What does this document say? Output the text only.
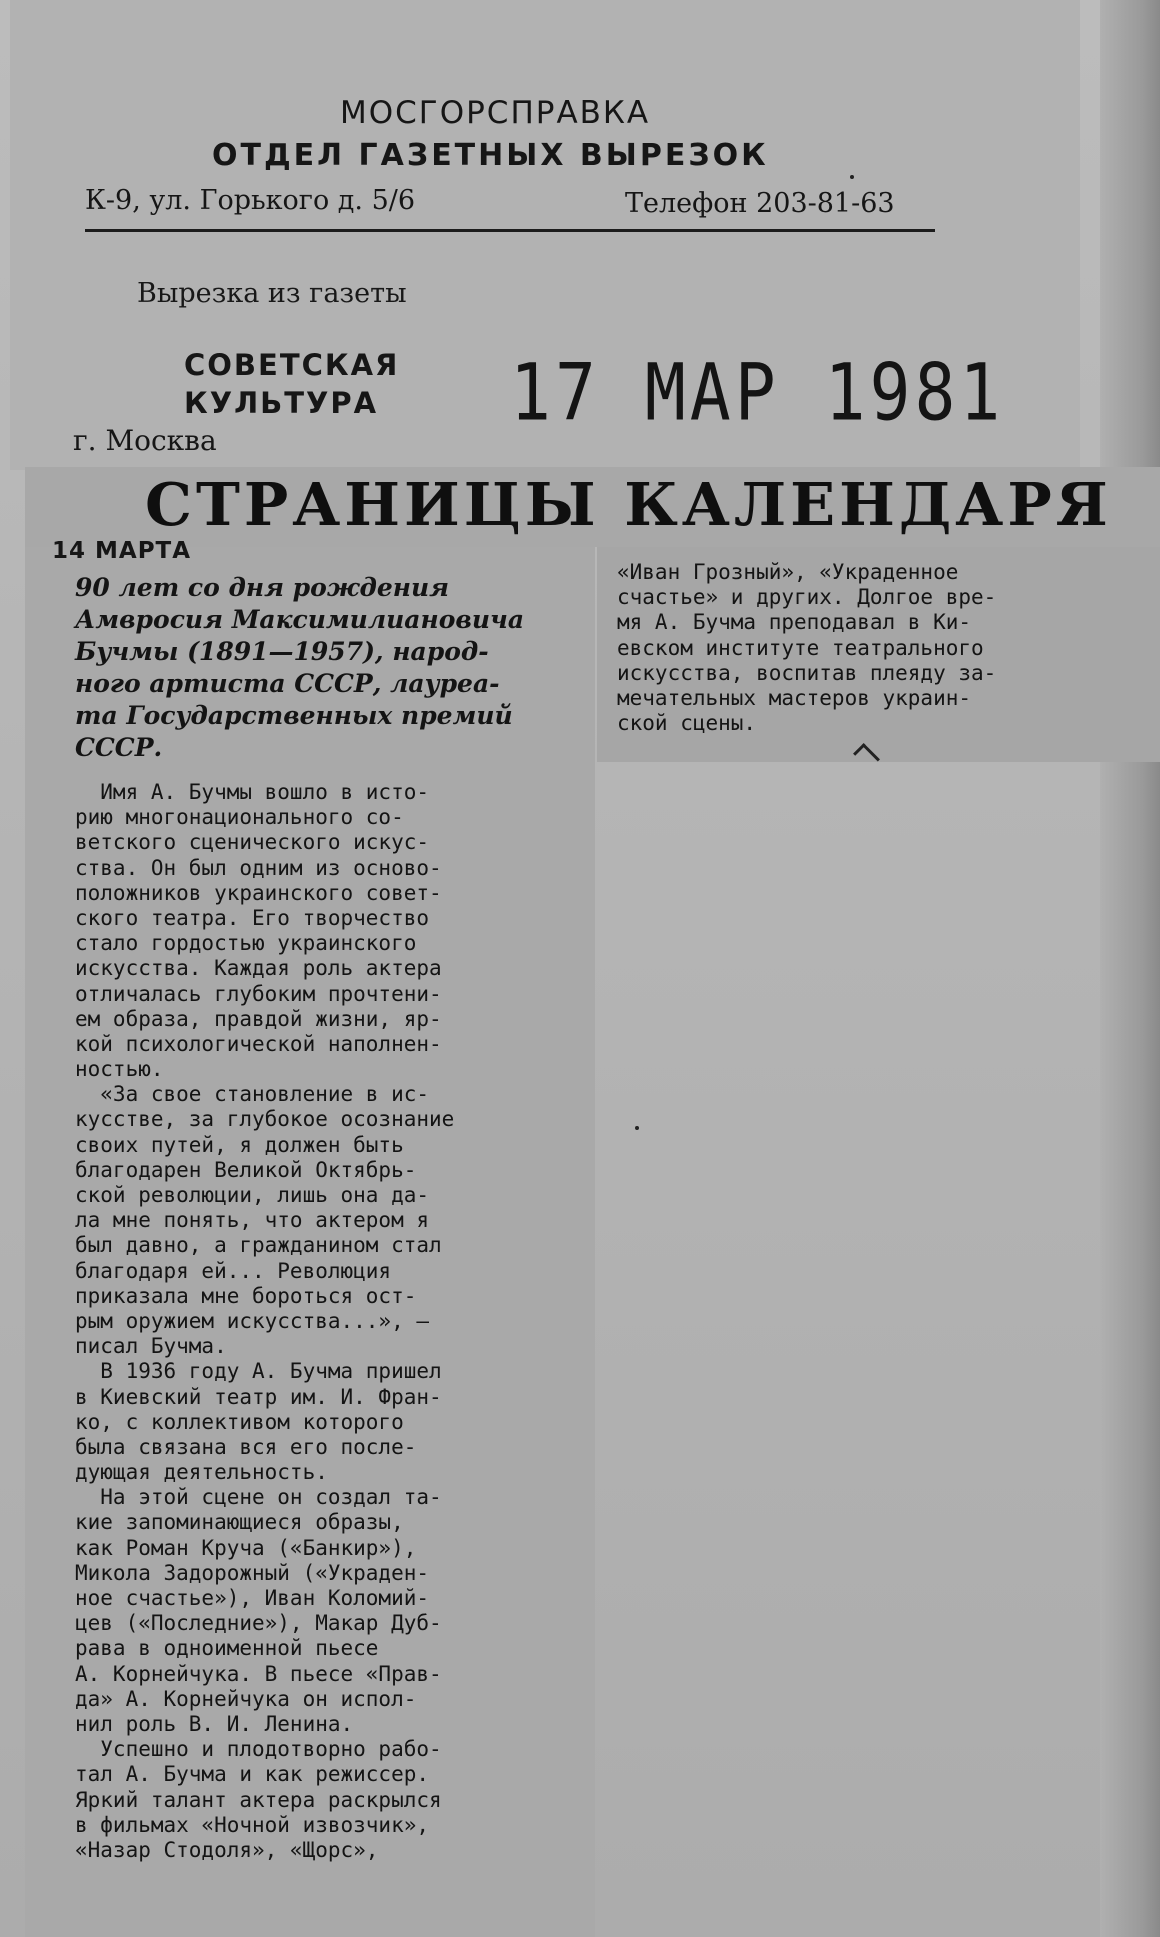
МОСГОРСПРАВКА
ОТДЕЛ ГАЗЕТНЫХ ВЫРЕЗОК
К-9, ул. Горького д. 5/6	Телефон 203-81-63
Вырезка из газеты
СОВЕТСКАЯ
КУЛЬТУРА	17 МАР 1981
г. Москва
СТРАНИЦЫ КАЛЕНДАРЯ
14 МАРТА
90 лет со дня рождения
Амвросия Максимилиановича
Бучмы (1891—1957), народ-
ного артиста СССР, лауреа-
та Государственных премий
СССР.
Имя А. Бучмы вошло в исто-
рию многонационального со-
ветского сценического искус-
ства. Он был одним из осново-
положников украинского совет-
ского театра. Его творчество
стало гордостью украинского
искусства. Каждая роль актера
отличалась глубоким прочтени-
ем образа, правдой жизни, яр-
кой психологической наполнен-
ностью.
«За свое становление в ис-
кусстве, за глубокое осознание
своих путей, я должен быть
благодарен Великой Октябрь-
ской революции, лишь она да-
ла мне понять, что актером я
был давно, а гражданином стал
благодаря ей... Революция
приказала мне бороться ост-
рым оружием искусства...», —
писал Бучма.
В 1936 году А. Бучма пришел
в Киевский театр им. И. Фран-
ко, с коллективом которого
была связана вся его после-
дующая деятельность.
На этой сцене он создал та-
кие запоминающиеся образы,
как Роман Круча («Банкир»),
Микола Задорожный («Украден-
ное счастье»), Иван Коломий-
цев («Последние»), Макар Дуб-
рава в одноименной пьесе
А. Корнейчука. В пьесе «Прав-
да» А. Корнейчука он испол-
нил роль В. И. Ленина.
Успешно и плодотворно рабо-
тал А. Бучма и как режиссер.
Яркий талант актера раскрылся
в фильмах «Ночной извозчик»,
«Назар Стодоля», «Щорс»,
«Иван Грозный», «Украденное
счастье» и других. Долгое вре-
мя А. Бучма преподавал в Ки-
евском институте театрального
искусства, воспитав плеяду за-
мечательных мастеров украин-
ской сцены.
